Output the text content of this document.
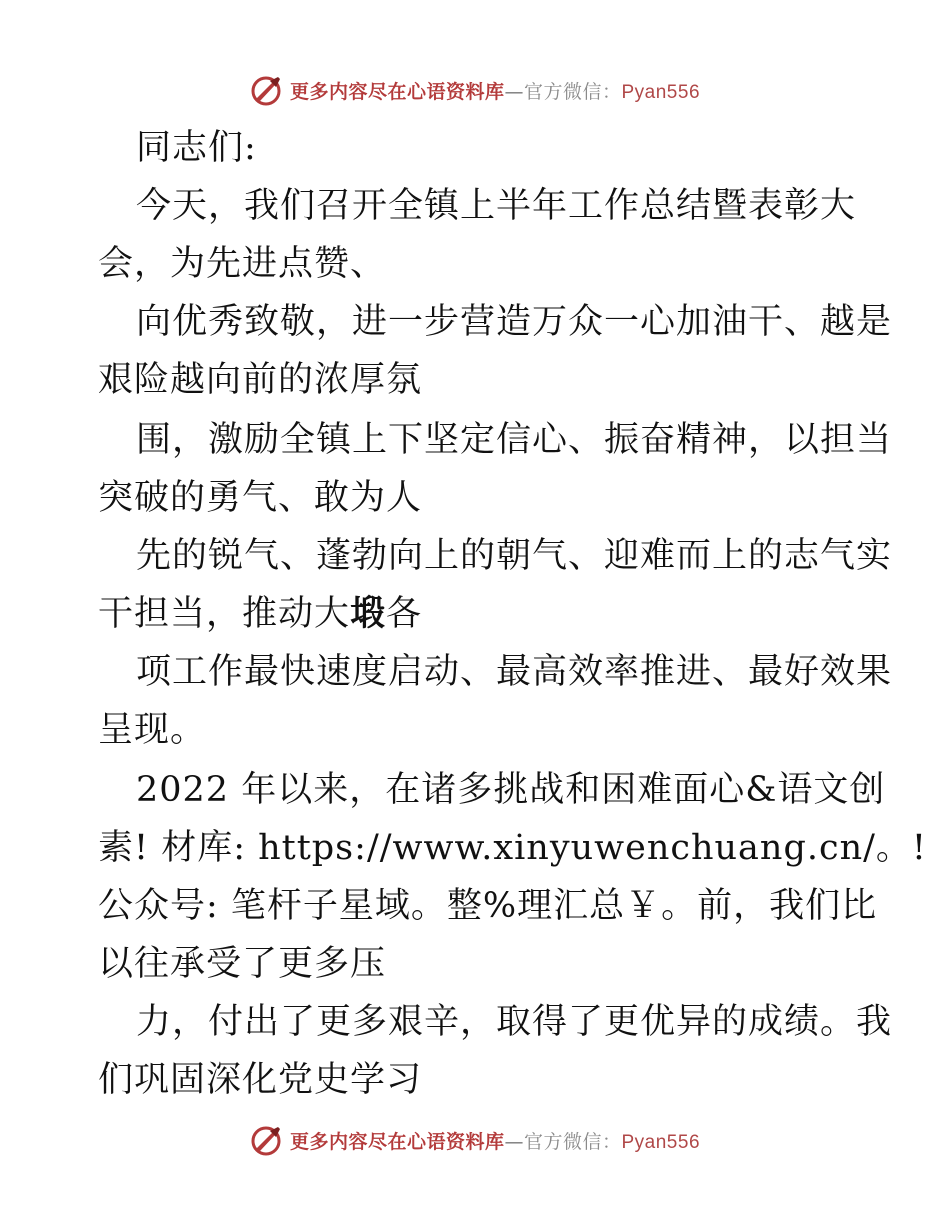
更多内容尽在心语资料库—官方微信：Pyan556
同志们:
今天，我们召开全镇上半年工作总结暨表彰大
会，为先进点赞、
向优秀致敬，进一步营造万众一心加油干、越是
艰险越向前的浓厚氛
围，激励全镇上下坚定信心、振奋精神，以担当
突破的勇气、敢为人
先的锐气、蓬勃向上的朝气、迎难而上的志气实
干担当，推动大塅各
项工作最快速度启动、最高效率推进、最好效果
呈现。
2022 年以来，在诸多挑战和困难面心&语文创
素! 材库: https://www.xinyuwenchuang.cn/。!
公众号: 笔杆子星域。整%理汇总￥。前，我们比
以往承受了更多压
力，付出了更多艰辛，取得了更优异的成绩。我
们巩固深化党史学习
更多内容尽在心语资料库—官方微信：Pyan556
